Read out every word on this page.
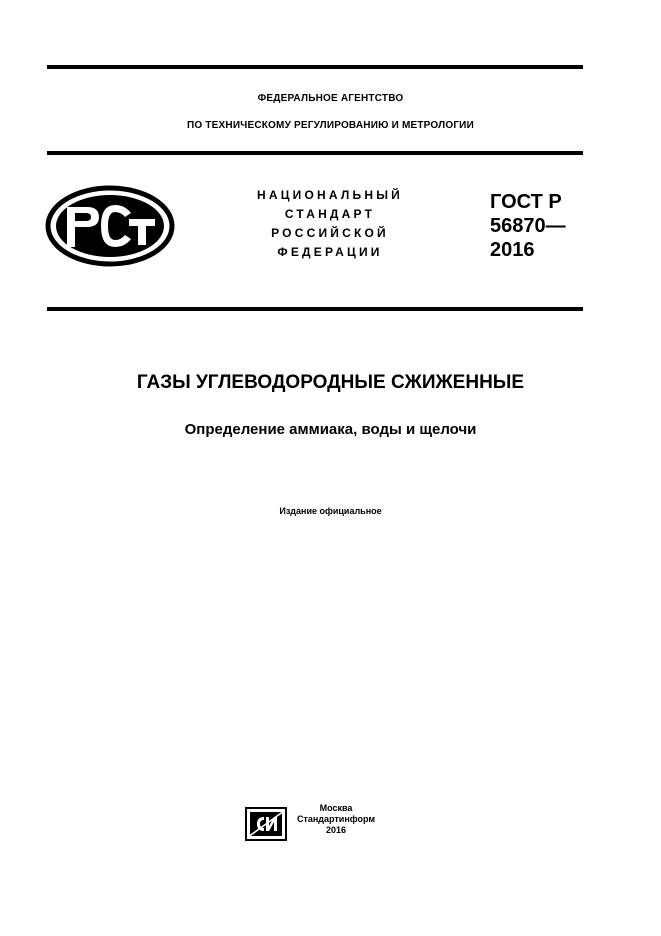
ФЕДЕРАЛЬНОЕ АГЕНТСТВО
ПО ТЕХНИЧЕСКОМУ РЕГУЛИРОВАНИЮ И МЕТРОЛОГИИ
НАЦИОНАЛЬНЫЙ
СТАНДАРТ
РОССИЙСКОЙ
ФЕДЕРАЦИИ
ГОСТ Р
56870—
2016
ГАЗЫ УГЛЕВОДОРОДНЫЕ СЖИЖЕННЫЕ
Определение аммиака, воды и щелочи
Издание официальное
Москва
Стандартинформ
2016
